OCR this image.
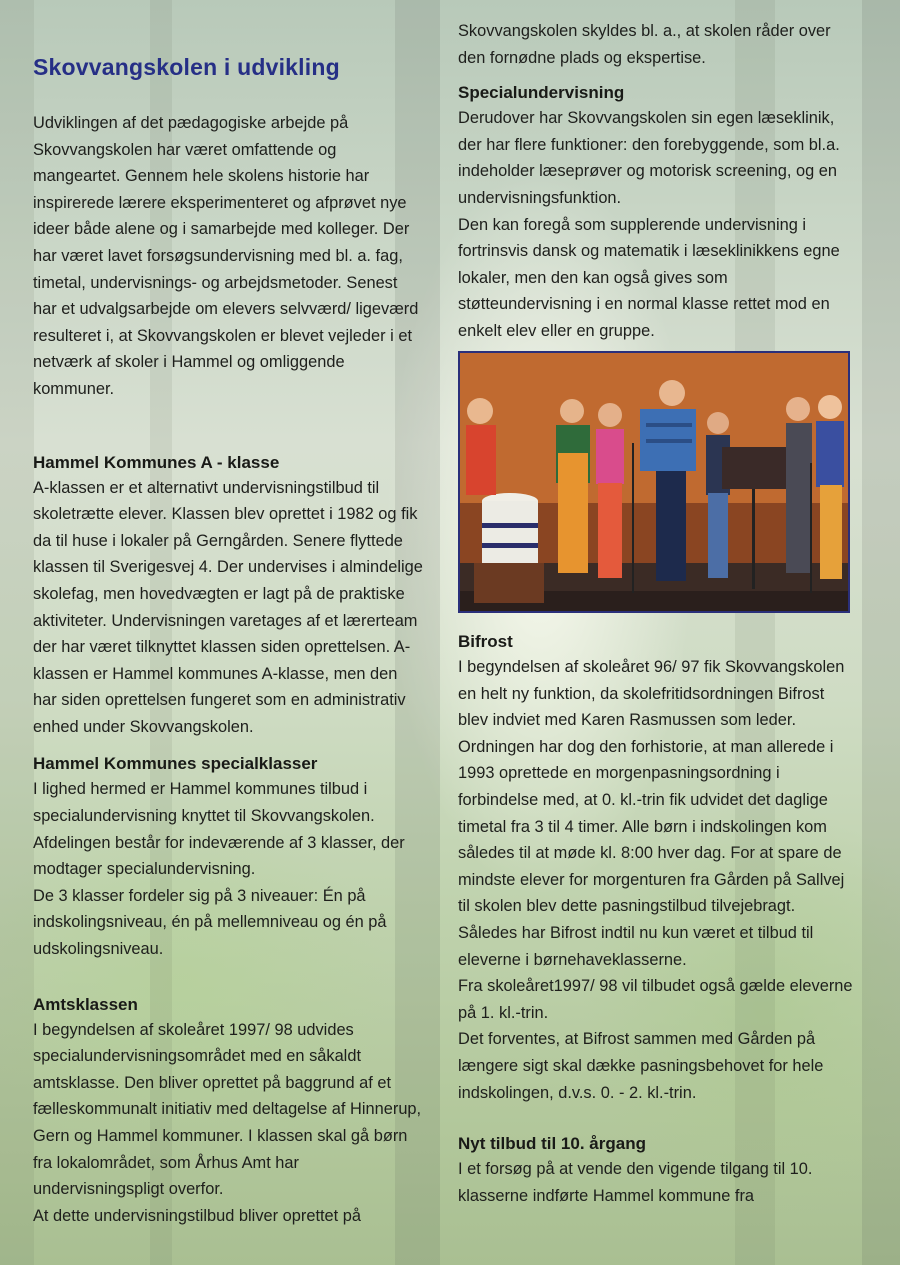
Skovvangskolen i udvikling

Udviklingen af det pædagogiske arbejde på Skovvangskolen har været omfattende og mangeartet. Gennem hele skolens historie har inspirerede lærere eksperimenteret og afprøvet nye ideer både alene og i samarbejde med kolleger. Der har været lavet forsøgsundervisning med bl. a. fag, timetal, undervisnings- og arbejdsmetoder. Senest har et udvalgsarbejde om elevers selvværd/ ligeværd resulteret i, at Skovvangskolen er blevet vejleder i et netværk af skoler i Hammel og omliggende kommuner.

Hammel Kommunes A - klasse

A-klassen er et alternativt undervisningstilbud til skoletrætte elever. Klassen blev oprettet i 1982 og fik da til huse i lokaler på Gerngården. Senere flyttede klassen til Sverigesvej 4. Der undervises i almindelige skolefag, men hovedvægten er lagt på de praktiske aktiviteter. Undervisningen varetages af et lærerteam der har været tilknyttet klassen siden oprettelsen. A-klassen er Hammel kommunes A-klasse, men den har siden oprettelsen fungeret som en administrativ enhed under Skovvangskolen.

Hammel Kommunes specialklasser

I lighed hermed er Hammel kommunes tilbud i specialundervisning knyttet til Skovvangskolen. Afdelingen består for indeværende af 3 klasser, der modtager specialundervisning.

De 3 klasser fordeler sig på 3 niveauer: Én på indskolingsniveau, én på mellemniveau og én på udskolingsniveau.

Amtsklassen

I begyndelsen af skoleåret 1997/ 98 udvides specialundervisningsområdet med en såkaldt amtsklasse. Den bliver oprettet på baggrund af et fælleskommunalt initiativ med deltagelse af Hinnerup, Gern og Hammel kommuner. I klassen skal gå børn fra lokalområdet, som Århus Amt har undervisningspligt overfor.

At dette undervisningstilbud bliver oprettet på

Skovvangskolen skyldes bl. a., at skolen råder over den fornødne plads og ekspertise.

Specialundervisning

Derudover har Skovvangskolen sin egen læseklinik, der har flere funktioner: den forebyggende, som bl.a. indeholder læseprøver og motorisk screening, og en undervisningsfunktion.

Den kan foregå som supplerende undervisning i fortrinsvis dansk og matematik i læseklinikkens egne lokaler, men den kan også gives som støtteundervisning i en normal klasse rettet mod en enkelt elev eller en gruppe.

Bifrost

I begyndelsen af skoleåret 96/ 97 fik Skovvangskolen en helt ny funktion, da skolefritidsordningen Bifrost blev indviet med Karen Rasmussen som leder. Ordningen har dog den forhistorie, at man allerede i 1993 oprettede en morgenpasningsordning i forbindelse med, at 0. kl.-trin fik udvidet det daglige timetal fra 3 til 4 timer. Alle børn i indskolingen kom således til at møde kl. 8:00 hver dag. For at spare de mindste elever for morgenturen fra Gården på Sallvej til skolen blev dette pasningstilbud tilvejebragt. Således har Bifrost indtil nu kun været et tilbud til eleverne i børnehaveklasserne.

Fra skoleåret1997/ 98 vil tilbudet også gælde eleverne på 1. kl.-trin.

Det forventes, at Bifrost sammen med Gården på længere sigt skal dække pasningsbehovet for hele indskolingen, d.v.s. 0. - 2. kl.-trin.

Nyt tilbud til 10. årgang

I et forsøg på at vende den vigende tilgang til 10. klasserne indførte Hammel kommune fra
